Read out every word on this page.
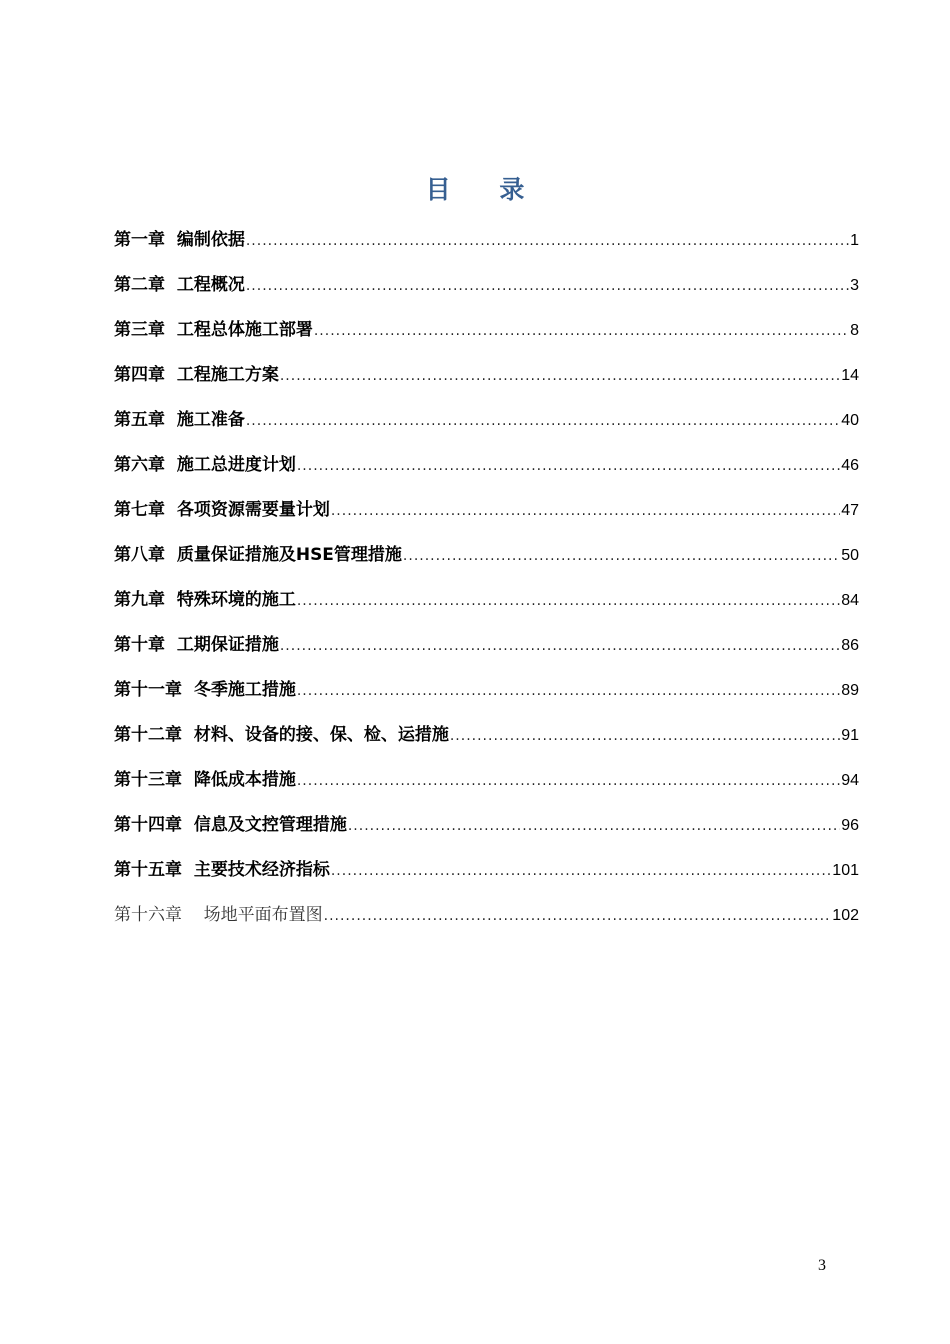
目 录
第一章  编制依据 .....	1
第二章  工程概况 .....	3
第三章  工程总体施工部署 .....	8
第四章  工程施工方案 .....	14
第五章  施工准备 .....	40
第六章  施工总进度计划 .....	46
第七章  各项资源需要量计划 .....	47
第八章  质量保证措施及HSE管理措施 .....	50
第九章  特殊环境的施工 .....	84
第十章  工期保证措施 .....	86
第十一章  冬季施工措施 .....	89
第十二章  材料、设备的接、保、检、运措施 .....	91
第十三章  降低成本措施 .....	94
第十四章  信息及文控管理措施 .....	96
第十五章  主要技术经济指标 .....	101
第十六章    场地平面布置图 .....	102
3
